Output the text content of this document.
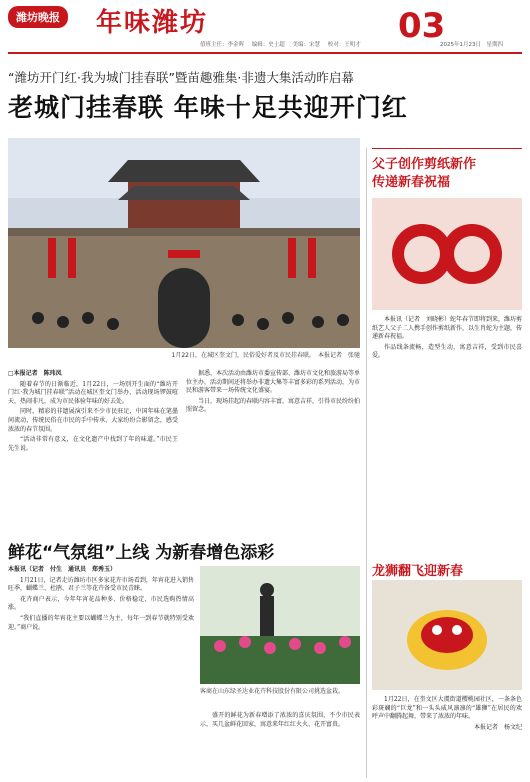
潍坊晚报	年味潍坊
值班主任：李金晖 编辑：史士超 美编：宋慧 校对：王明才 03
2025年1月23日　星期四
“潍坊开门红·我为城门挂春联”暨苗趣雅集·非遗大集活动昨启幕
老城门挂春联 年味十足共迎开门红
1月22日，在城区奎文门，民俗爱好者及市民挂春联。　本报记者　张驰

□本报记者　陈玮凤

随着春节的日渐临近，1月22日，一场别开生面的“潍坊开门红·我为城门挂春联”活动在城区奎文门举办，活动现场锣鼓喧天，热闹非凡，成为市民体验年味的好去处。

同时，精彩的非遗展演引来不少市民驻足，中国年味在笔墨间流动，传统民俗在市民的手中传承，大家纷纷合影留念，感受浓浓的春节氛围。

“活动非常有意义，在文化遗产中找到了年的味道。”市民王先生说。

据悉，本次活动由潍坊市委宣传部、潍坊市文化和旅游局等单位主办，活动期间还将举办非遗大集等丰富多彩的系列活动，为市民和游客带来一场传统文化盛宴。

当日，现场挂起的春联内容丰富，寓意吉祥，引得市民纷纷拍照留念。

父子创作剪纸新作
传递新春祝福

本报讯（记者　刘晓彬）蛇年春节即将到来，潍坊剪纸艺人父子二人携手创作剪纸新作，以生肖蛇为主题，传递新春祝福。

作品线条流畅，造型生动，寓意吉祥，受到市民喜爱。

鲜花“气氛组”上线 为新春增色添彩

本报讯（记者　付生　通讯员　郑秀玉）

1月21日，记者走访潍坊市区多家花卉市场看到，年宵花进入销售旺季，蝴蝶兰、杜鹃、君子兰等花卉备受市民青睐。

花卉商户表示，今年年宵花品种多、价格稳定，市民选购热情高涨。

“我们直播的年宵花主要以蝴蝶兰为主，每年一到春节就特别受欢迎。”商户说。

客商在山东绿圣达业花卉科技股份有限公司挑选盆栽。

盛开的鲜花为新春增添了浓浓的喜庆氛围，不少市民表示，买几盆鲜花回家，寓意来年红红火火、花开富贵。

龙狮翻飞迎新春

1月22日，在奎文区大虞街道樱桃园社区，一条条色彩斑斓的“巨龙”和一头头威风凛凛的“雄狮”在居民的欢呼声中翻腾起舞，带来了浓浓的年味。

本报记者　杨文纪
